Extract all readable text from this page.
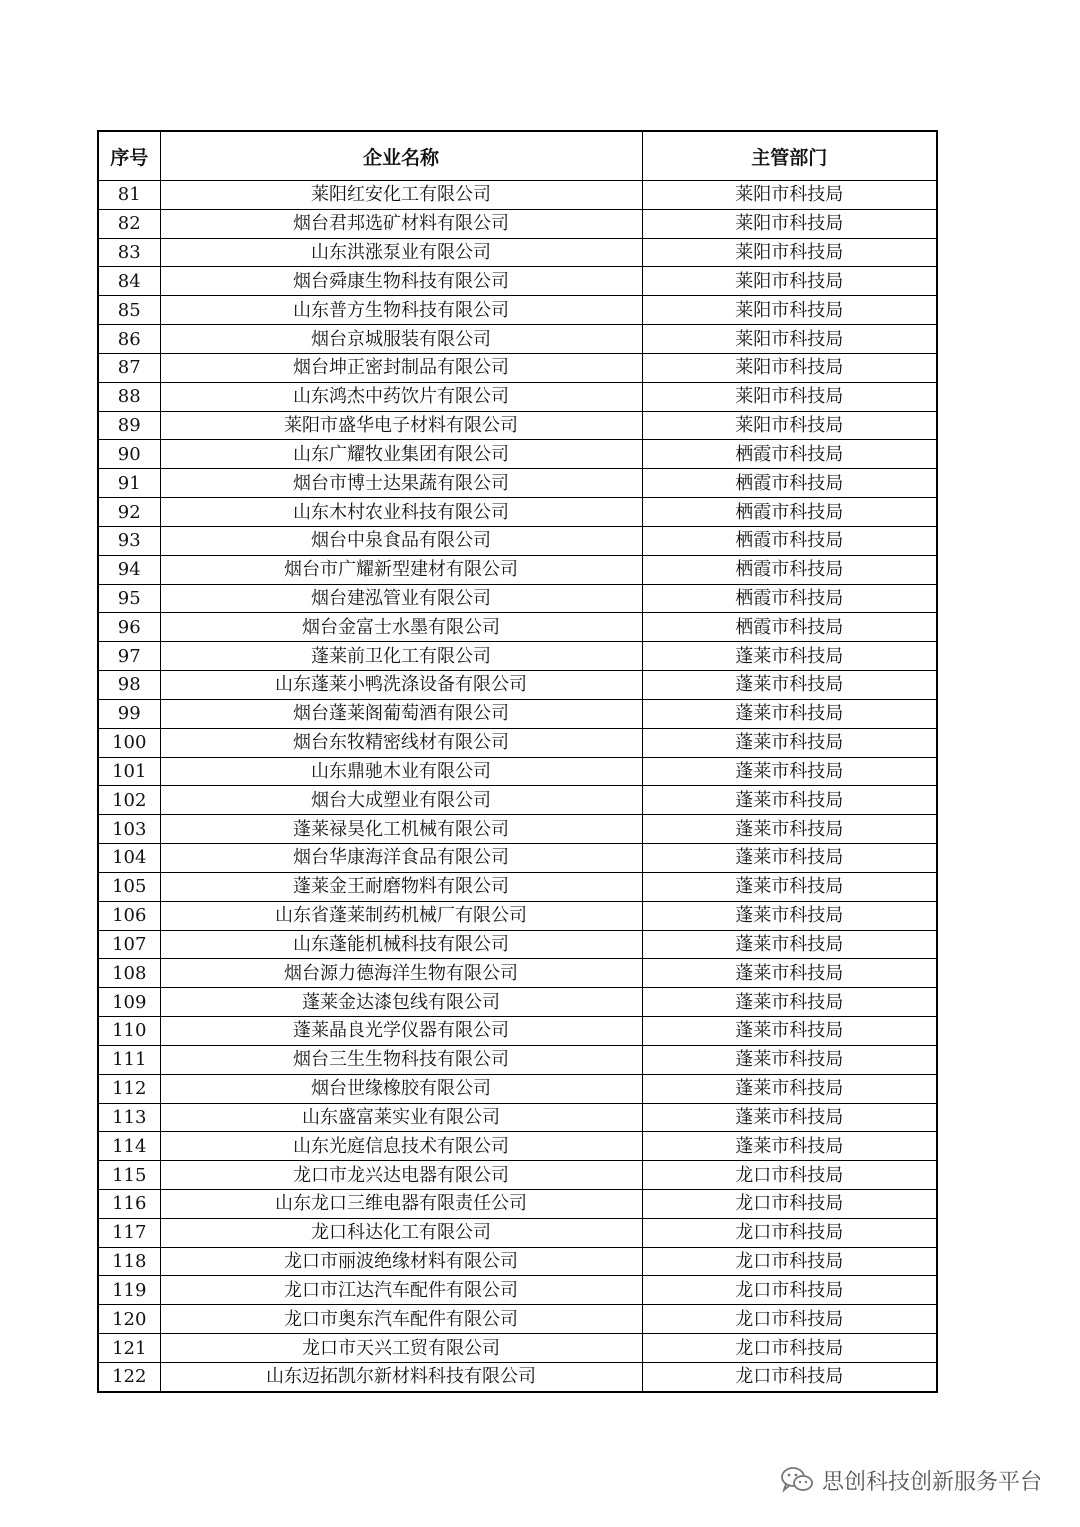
序号	企业名称	主管部门
81	莱阳红安化工有限公司	莱阳市科技局
82	烟台君邦选矿材料有限公司	莱阳市科技局
83	山东洪涨泵业有限公司	莱阳市科技局
84	烟台舜康生物科技有限公司	莱阳市科技局
85	山东普方生物科技有限公司	莱阳市科技局
86	烟台京城服装有限公司	莱阳市科技局
87	烟台坤正密封制品有限公司	莱阳市科技局
88	山东鸿杰中药饮片有限公司	莱阳市科技局
89	莱阳市盛华电子材料有限公司	莱阳市科技局
90	山东广耀牧业集团有限公司	栖霞市科技局
91	烟台市博士达果蔬有限公司	栖霞市科技局
92	山东木村农业科技有限公司	栖霞市科技局
93	烟台中泉食品有限公司	栖霞市科技局
94	烟台市广耀新型建材有限公司	栖霞市科技局
95	烟台建泓管业有限公司	栖霞市科技局
96	烟台金富士水墨有限公司	栖霞市科技局
97	蓬莱前卫化工有限公司	蓬莱市科技局
98	山东蓬莱小鸭洗涤设备有限公司	蓬莱市科技局
99	烟台蓬莱阁葡萄酒有限公司	蓬莱市科技局
100	烟台东牧精密线材有限公司	蓬莱市科技局
101	山东鼎驰木业有限公司	蓬莱市科技局
102	烟台大成塑业有限公司	蓬莱市科技局
103	蓬莱禄昊化工机械有限公司	蓬莱市科技局
104	烟台华康海洋食品有限公司	蓬莱市科技局
105	蓬莱金王耐磨物料有限公司	蓬莱市科技局
106	山东省蓬莱制药机械厂有限公司	蓬莱市科技局
107	山东蓬能机械科技有限公司	蓬莱市科技局
108	烟台源力德海洋生物有限公司	蓬莱市科技局
109	蓬莱金达漆包线有限公司	蓬莱市科技局
110	蓬莱晶良光学仪器有限公司	蓬莱市科技局
111	烟台三生生物科技有限公司	蓬莱市科技局
112	烟台世缘橡胶有限公司	蓬莱市科技局
113	山东盛富莱实业有限公司	蓬莱市科技局
114	山东光庭信息技术有限公司	蓬莱市科技局
115	龙口市龙兴达电器有限公司	龙口市科技局
116	山东龙口三维电器有限责任公司	龙口市科技局
117	龙口科达化工有限公司	龙口市科技局
118	龙口市丽波绝缘材料有限公司	龙口市科技局
119	龙口市江达汽车配件有限公司	龙口市科技局
120	龙口市奥东汽车配件有限公司	龙口市科技局
121	龙口市天兴工贸有限公司	龙口市科技局
122	山东迈拓凯尔新材料科技有限公司	龙口市科技局
思创科技创新服务平台
